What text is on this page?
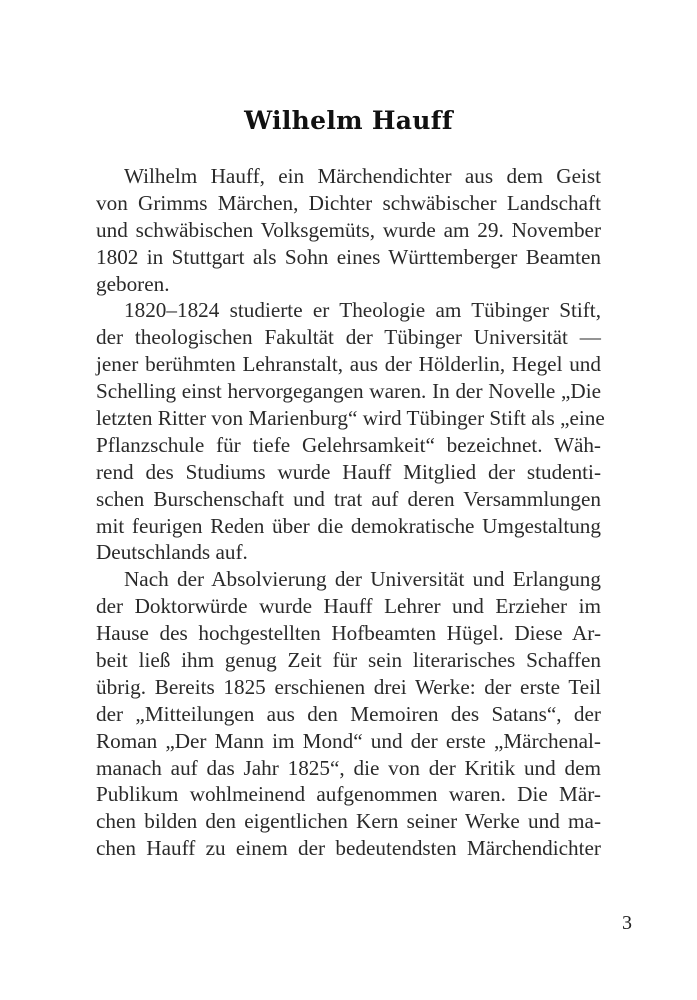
Wilhelm Hauff
Wilhelm Hauff, ein Märchendichter aus dem Geist
von Grimms Märchen, Dichter schwäbischer Landschaft
und schwäbischen Volksgemüts, wurde am 29. November
1802 in Stuttgart als Sohn eines Württemberger Beamten
geboren.
1820–1824 studierte er Theologie am Tübinger Stift,
der theologischen Fakultät der Tübinger Universität —
jener berühmten Lehranstalt, aus der Hölderlin, Hegel und
Schelling einst hervorgegangen waren. In der Novelle „Die
letzten Ritter von Marienburg“ wird Tübinger Stift als „eine
Pflanzschule für tiefe Gelehrsamkeit“ bezeichnet. Wäh-
rend des Studiums wurde Hauff Mitglied der studenti-
schen Burschenschaft und trat auf deren Versammlungen
mit feurigen Reden über die demokratische Umgestaltung
Deutschlands auf.
Nach der Absolvierung der Universität und Erlangung
der Doktorwürde wurde Hauff Lehrer und Erzieher im
Hause des hochgestellten Hofbeamten Hügel. Diese Ar-
beit ließ ihm genug Zeit für sein literarisches Schaffen
übrig. Bereits 1825 erschienen drei Werke: der erste Teil
der „Mitteilungen aus den Memoiren des Satans“, der
Roman „Der Mann im Mond“ und der erste „Märchenal-
manach auf das Jahr 1825“, die von der Kritik und dem
Publikum wohlmeinend aufgenommen waren. Die Mär-
chen bilden den eigentlichen Kern seiner Werke und ma-
chen Hauff zu einem der bedeutendsten Märchendichter
3
